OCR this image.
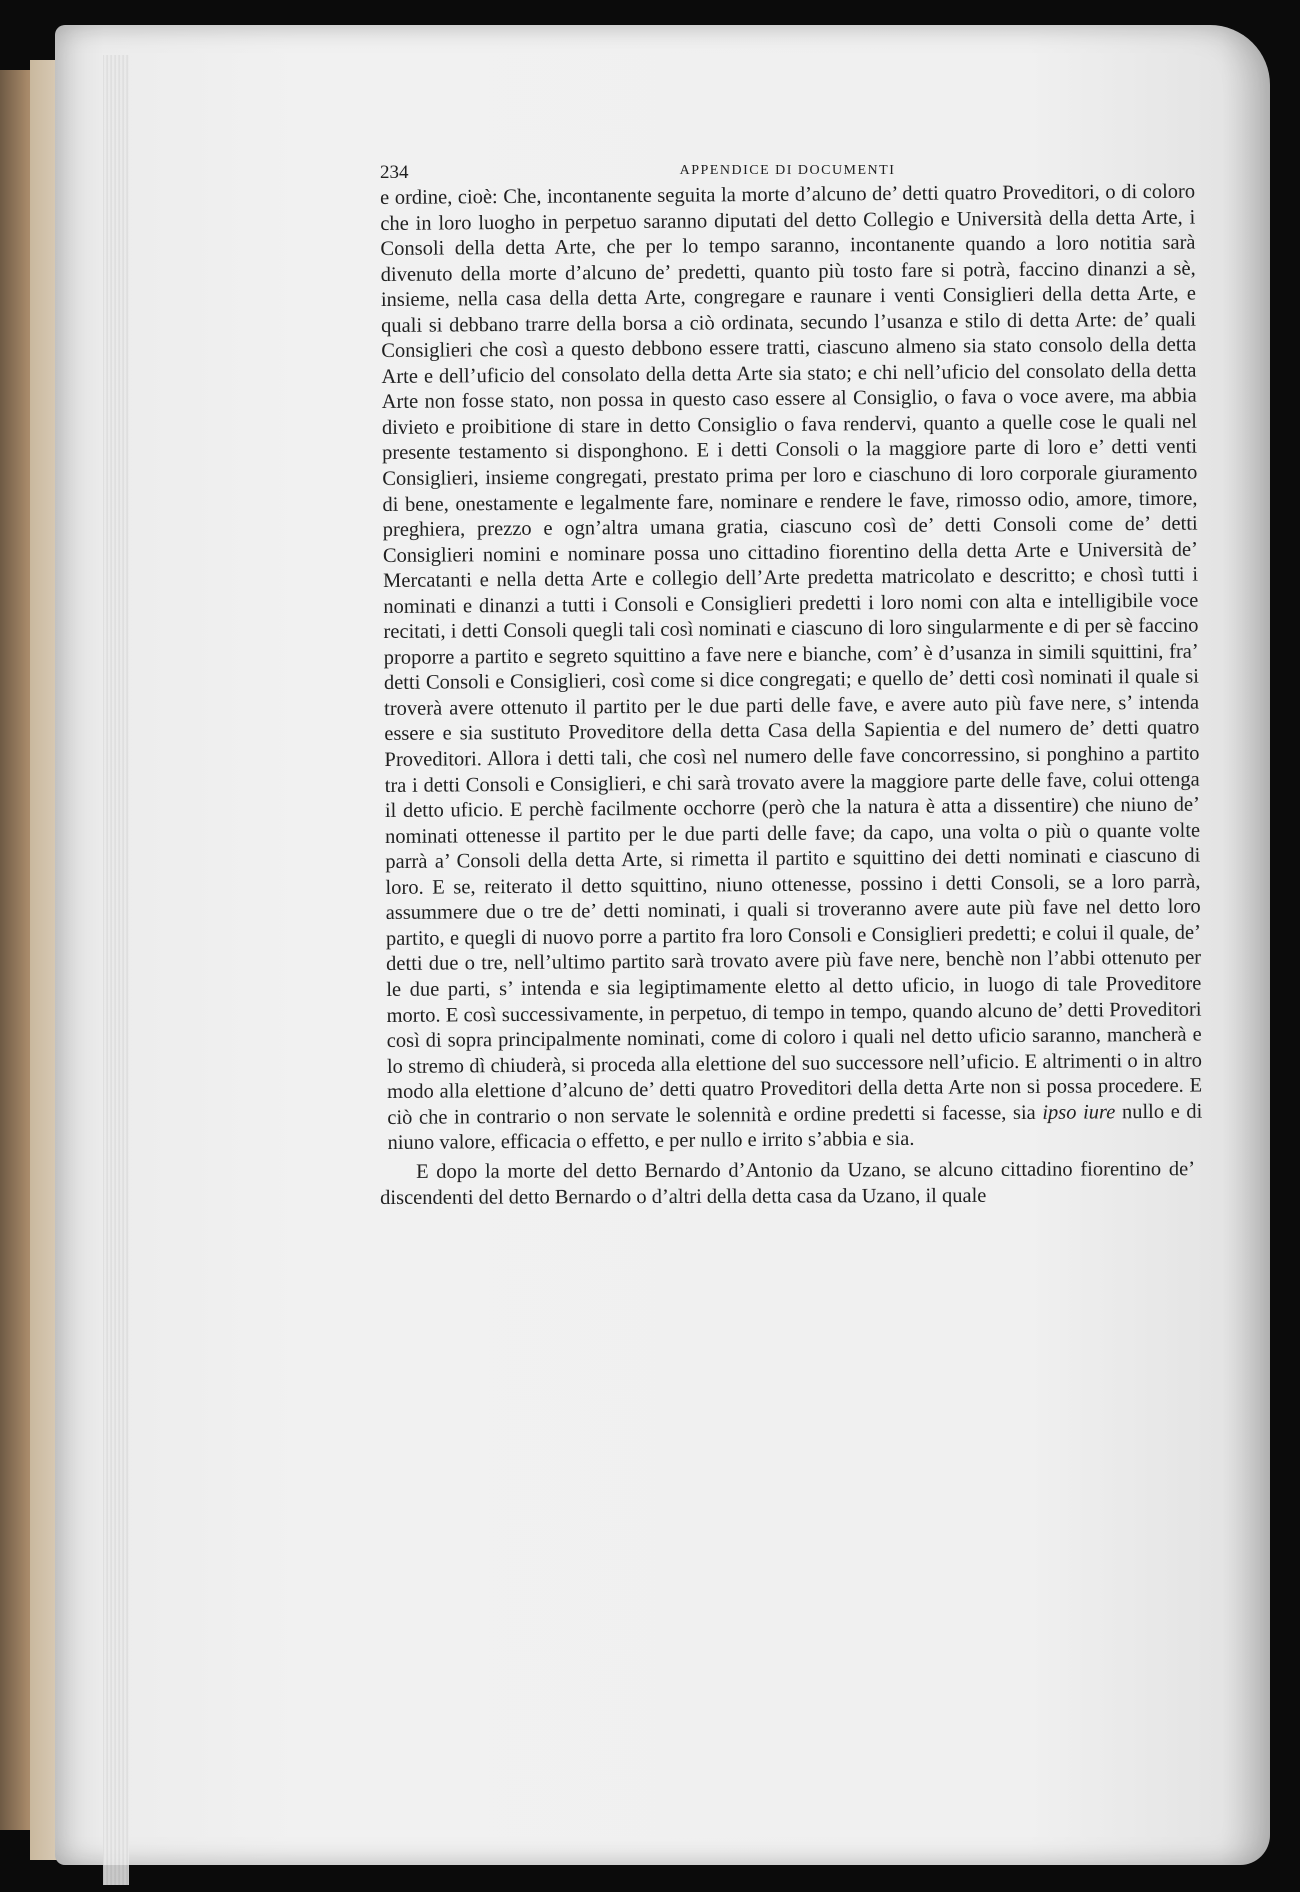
234	APPENDICE DI DOCUMENTI

e ordine, cioè: Che, incontanente seguita la morte d’alcuno de’ detti quatro Proveditori, o di coloro che in loro luogho in perpetuo saranno diputati del detto Collegio e Università della detta Arte, i Consoli della detta Arte, che per lo tempo saranno, incontanente quando a loro notitia sarà divenuto della morte d’alcuno de’ predetti, quanto più tosto fare si potrà, faccino dinanzi a sè, insieme, nella casa della detta Arte, congregare e raunare i venti Consiglieri della detta Arte, e quali si debbano trarre della borsa a ciò ordinata, secundo l’usanza e stilo di detta Arte: de’ quali Consiglieri che così a questo debbono essere tratti, ciascuno almeno sia stato consolo della detta Arte e dell’uficio del consolato della detta Arte sia stato; e chi nell’uficio del consolato della detta Arte non fosse stato, non possa in questo caso essere al Consiglio, o fava o voce avere, ma abbia divieto e proibitione di stare in detto Consiglio o fava rendervi, quanto a quelle cose le quali nel presente testamento si disponghono. E i detti Consoli o la maggiore parte di loro e’ detti venti Consiglieri, insieme congregati, prestato prima per loro e ciaschuno di loro corporale giuramento di bene, onestamente e legalmente fare, nominare e rendere le fave, rimosso odio, amore, timore, preghiera, prezzo e ogn’altra umana gratia, ciascuno così de’ detti Consoli come de’ detti Consiglieri nomini e nominare possa uno cittadino fiorentino della detta Arte e Università de’ Mercatanti e nella detta Arte e collegio dell’Arte predetta matricolato e descritto; e chosì tutti i nominati e dinanzi a tutti i Consoli e Consiglieri predetti i loro nomi con alta e intelligibile voce recitati, i detti Consoli quegli tali così nominati e ciascuno di loro singularmente e di per sè faccino proporre a partito e segreto squittino a fave nere e bianche, com’ è d’usanza in simili squittini, fra’ detti Consoli e Consiglieri, così come si dice congregati; e quello de’ detti così nominati il quale si troverà avere ottenuto il partito per le due parti delle fave, e avere auto più fave nere, s’ intenda essere e sia sustituto Proveditore della detta Casa della Sapientia e del numero de’ detti quatro Proveditori. Allora i detti tali, che così nel numero delle fave concorressino, si ponghino a partito tra i detti Consoli e Consiglieri, e chi sarà trovato avere la maggiore parte delle fave, colui ottenga il detto uficio. E perchè facilmente occhorre (però che la natura è atta a dissentire) che niuno de’ nominati ottenesse il partito per le due parti delle fave; da capo, una volta o più o quante volte parrà a’ Consoli della detta Arte, si rimetta il partito e squittino dei detti nominati e ciascuno di loro. E se, reiterato il detto squittino, niuno ottenesse, possino i detti Consoli, se a loro parrà, assummere due o tre de’ detti nominati, i quali si troveranno avere aute più fave nel detto loro partito, e quegli di nuovo porre a partito fra loro Consoli e Consiglieri predetti; e colui il quale, de’ detti due o tre, nell’ultimo partito sarà trovato avere più fave nere, benchè non l’abbi ottenuto per le due parti, s’ intenda e sia legiptimamente eletto al detto uficio, in luogo di tale Proveditore morto. E così successivamente, in perpetuo, di tempo in tempo, quando alcuno de’ detti Proveditori così di sopra principalmente nominati, come di coloro i quali nel detto uficio saranno, mancherà e lo stremo dì chiuderà, si proceda alla elettione del suo successore nell’uficio. E altrimenti o in altro modo alla elettione d’alcuno de’ detti quatro Proveditori della detta Arte non si possa procedere. E ciò che in contrario o non servate le solennità e ordine predetti si facesse, sia ipso iure nullo e di niuno valore, efficacia o effetto, e per nullo e irrito s’abbia e sia.

E dopo la morte del detto Bernardo d’Antonio da Uzano, se alcuno cittadino fiorentino de’ discendenti del detto Bernardo o d’altri della detta casa da Uzano, il quale
